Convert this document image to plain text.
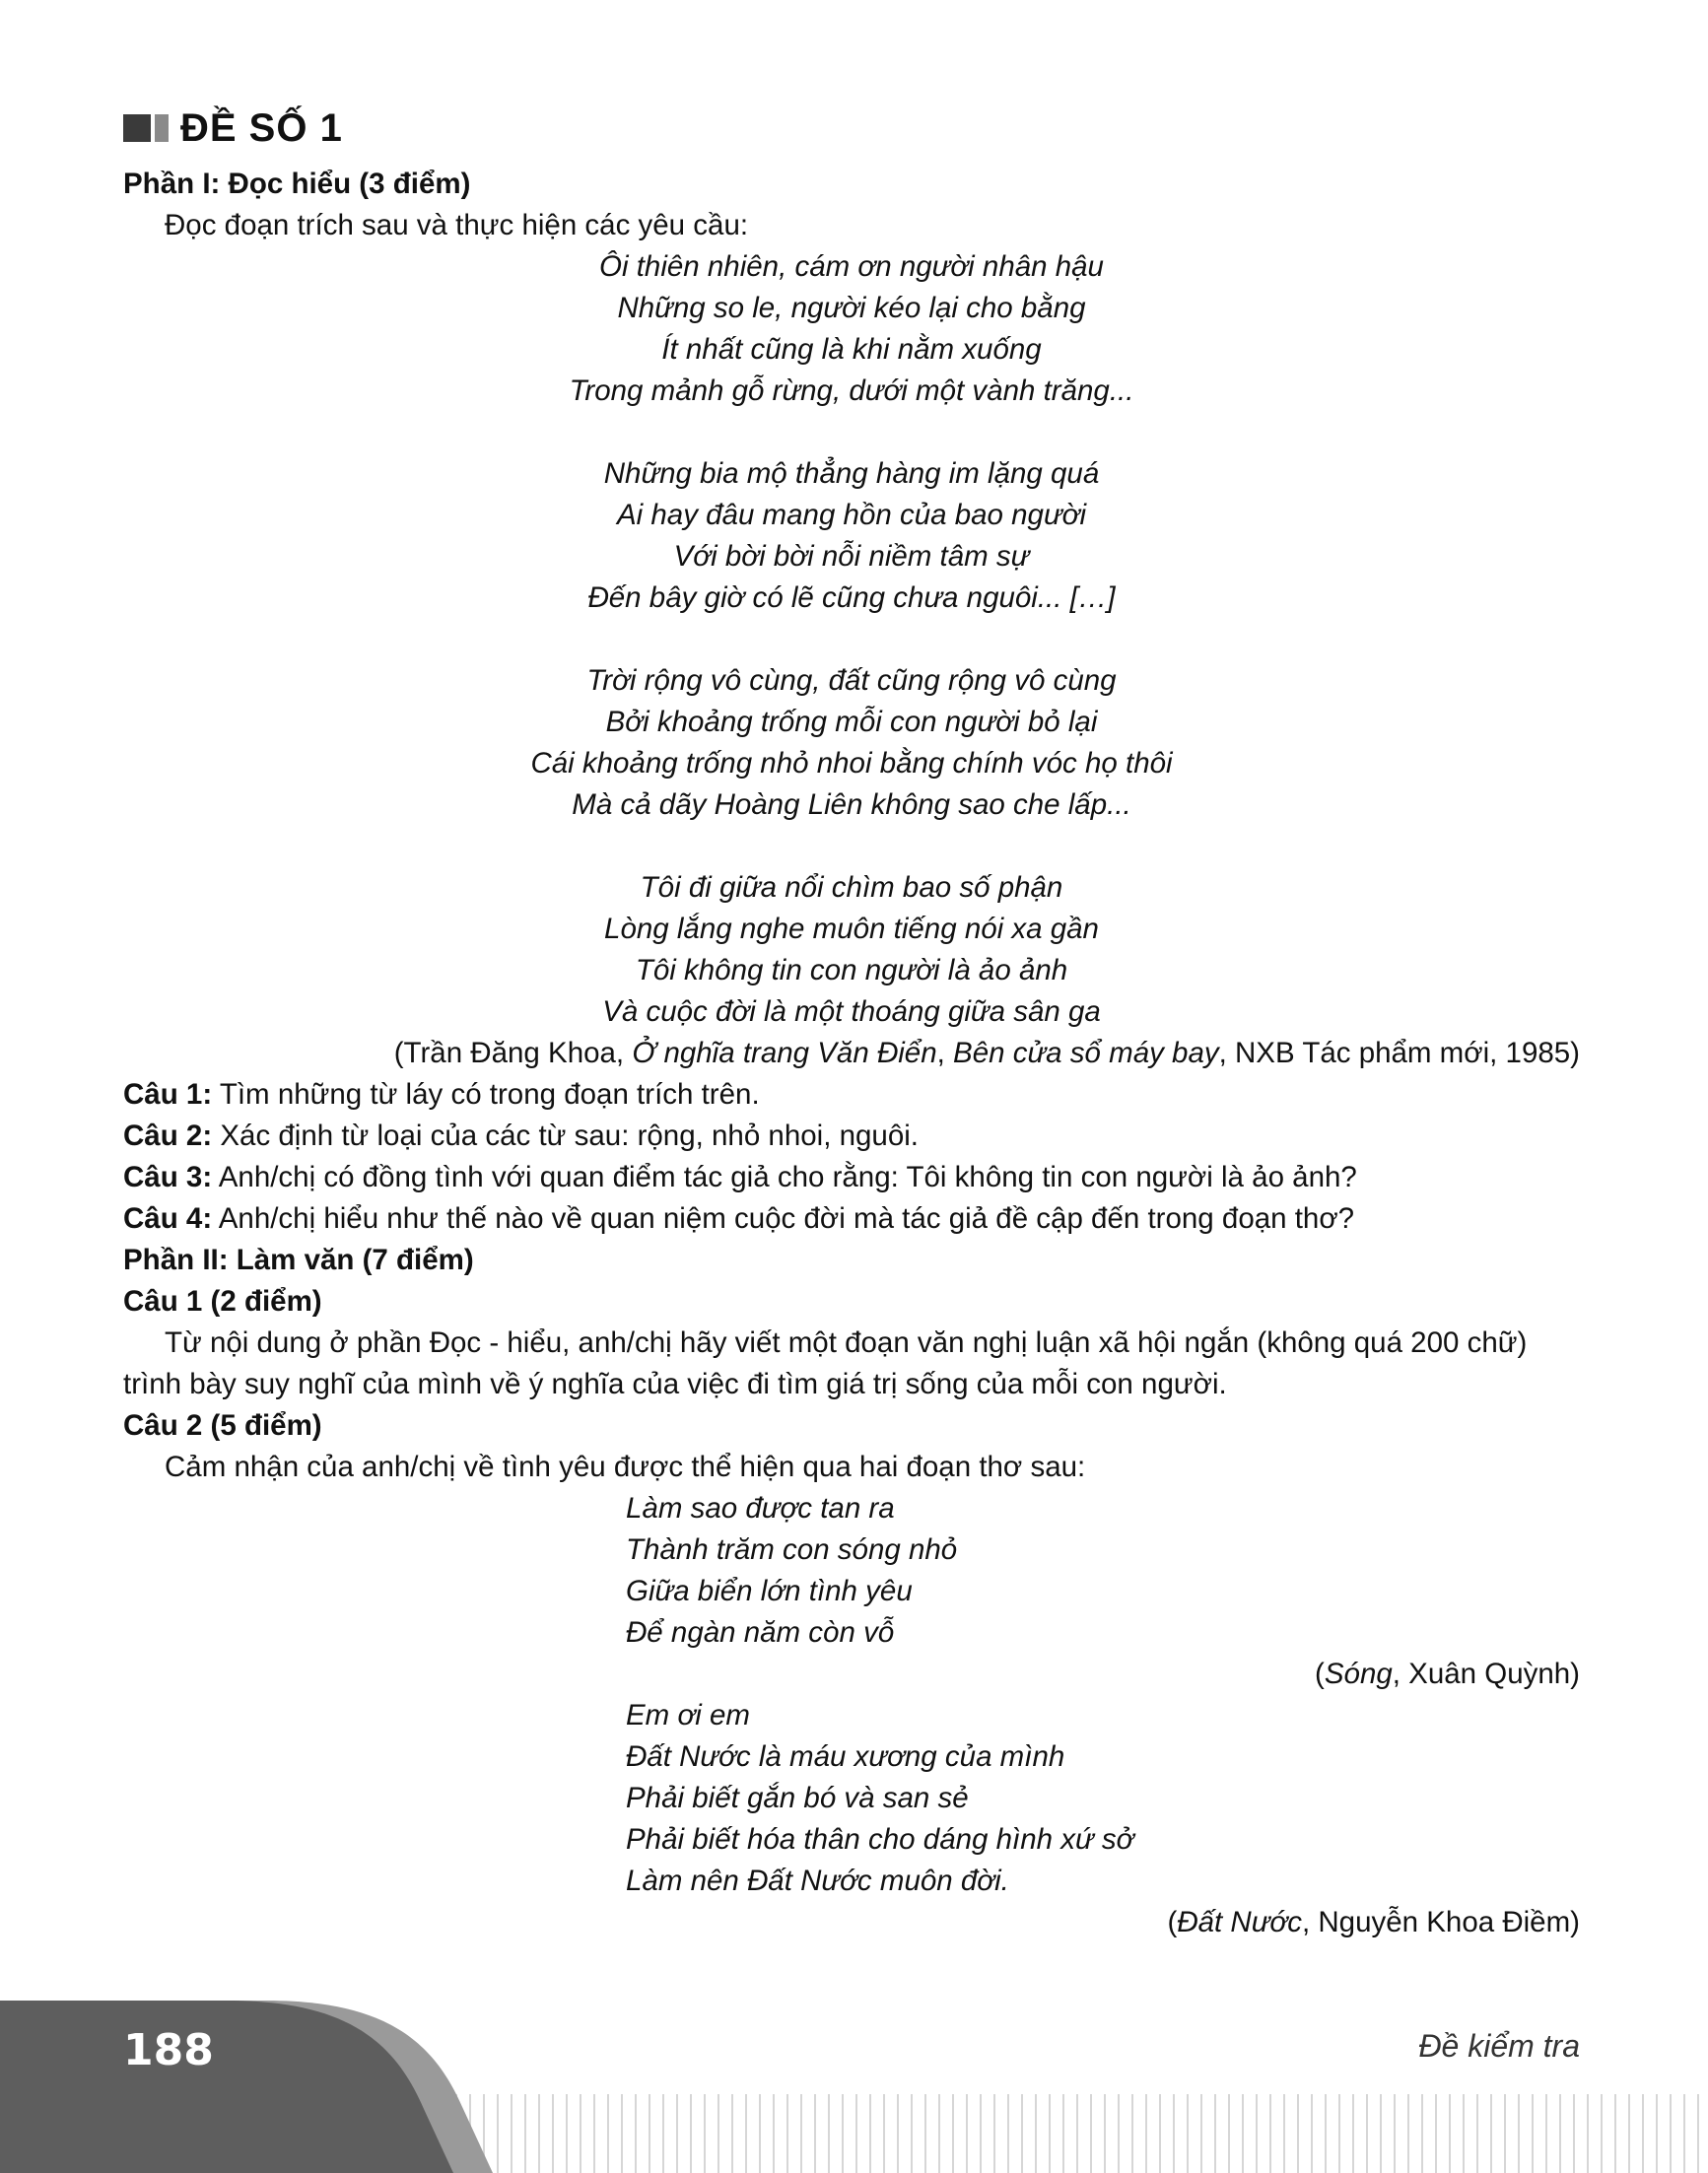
ĐỀ SỐ 1
Phần I: Đọc hiểu (3 điểm)
Đọc đoạn trích sau và thực hiện các yêu cầu:
Ôi thiên nhiên, cám ơn người nhân hậu
Những so le, người kéo lại cho bằng
Ít nhất cũng là khi nằm xuống
Trong mảnh gỗ rừng, dưới một vành trăng...
Những bia mộ thẳng hàng im lặng quá
Ai hay đâu mang hồn của bao người
Với bời bời nỗi niềm tâm sự
Đến bây giờ có lẽ cũng chưa nguôi... […]
Trời rộng vô cùng, đất cũng rộng vô cùng
Bởi khoảng trống mỗi con người bỏ lại
Cái khoảng trống nhỏ nhoi bằng chính vóc họ thôi
Mà cả dãy Hoàng Liên không sao che lấp...
Tôi đi giữa nổi chìm bao số phận
Lòng lắng nghe muôn tiếng nói xa gần
Tôi không tin con người là ảo ảnh
Và cuộc đời là một thoáng giữa sân ga
(Trần Đăng Khoa, Ở nghĩa trang Văn Điển, Bên cửa sổ máy bay, NXB Tác phẩm mới, 1985)
Câu 1: Tìm những từ láy có trong đoạn trích trên.
Câu 2: Xác định từ loại của các từ sau: rộng, nhỏ nhoi, nguôi.
Câu 3: Anh/chị có đồng tình với quan điểm tác giả cho rằng: Tôi không tin con người là ảo ảnh?
Câu 4: Anh/chị hiểu như thế nào về quan niệm cuộc đời mà tác giả đề cập đến trong đoạn thơ?
Phần II: Làm văn (7 điểm)
Câu 1 (2 điểm)
Từ nội dung ở phần Đọc - hiểu, anh/chị hãy viết một đoạn văn nghị luận xã hội ngắn (không quá 200 chữ)
trình bày suy nghĩ của mình về ý nghĩa của việc đi tìm giá trị sống của mỗi con người.
Câu 2 (5 điểm)
Cảm nhận của anh/chị về tình yêu được thể hiện qua hai đoạn thơ sau:
Làm sao được tan ra
Thành trăm con sóng nhỏ
Giữa biển lớn tình yêu
Để ngàn năm còn vỗ
(Sóng, Xuân Quỳnh)
Em ơi em
Đất Nước là máu xương của mình
Phải biết gắn bó và san sẻ
Phải biết hóa thân cho dáng hình xứ sở
Làm nên Đất Nước muôn đời.
(Đất Nước, Nguyễn Khoa Điềm)
188	Đề kiểm tra
